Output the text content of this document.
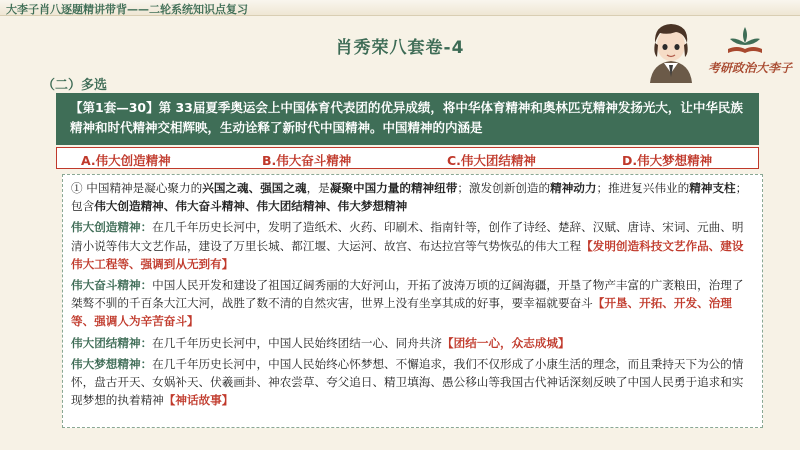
大李子肖八逐题精讲带背——二轮系统知识点复习
肖秀荣八套卷-4
考研政治大李子
（二）多选
【第1套—30】第 33届夏季奥运会上中国体育代表团的优异成绩，将中华体育精神和奥林匹克精神发扬光大，让中华民族精神和时代精神交相辉映，生动诠释了新时代中国精神。中国精神的内涵是
A.伟大创造精神	B.伟大奋斗精神	C.伟大团结精神	D.伟大梦想精神

① 中国精神是凝心聚力的兴国之魂、强国之魂，是凝聚中国力量的精神纽带；激发创新创造的精神动力；推进复兴伟业的精神支柱；包含伟大创造精神、伟大奋斗精神、伟大团结精神、伟大梦想精神

伟大创造精神：在几千年历史长河中，发明了造纸术、火药、印刷术、指南针等，创作了诗经、楚辞、汉赋、唐诗、宋词、元曲、明清小说等伟大文艺作品，建设了万里长城、都江堰、大运河、故宫、布达拉宫等气势恢弘的伟大工程【发明创造科技文艺作品、建设伟大工程等、强调到从无到有】

伟大奋斗精神：中国人民开发和建设了祖国辽阔秀丽的大好河山，开拓了波涛万顷的辽阔海疆，开垦了物产丰富的广袤粮田，治理了桀骜不驯的千百条大江大河，战胜了数不清的自然灾害，世界上没有坐享其成的好事，要幸福就要奋斗【开垦、开拓、开发、治理等、强调人为辛苦奋斗】

伟大团结精神：在几千年历史长河中，中国人民始终团结一心、同舟共济【团结一心，众志成城】

伟大梦想精神：在几千年历史长河中，中国人民始终心怀梦想、不懈追求，我们不仅形成了小康生活的理念，而且秉持天下为公的情怀，盘古开天、女娲补天、伏羲画卦、神农尝草、夸父追日、精卫填海、愚公移山等我国古代神话深刻反映了中国人民勇于追求和实现梦想的执着精神【神话故事】
